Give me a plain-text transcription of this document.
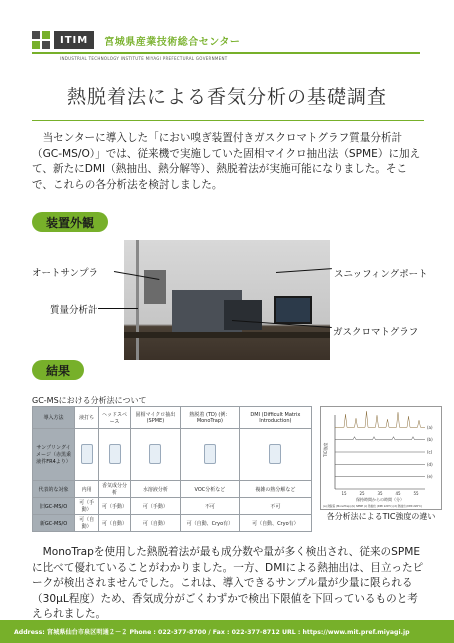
ITIM	宮城県産業技術総合センター
INDUSTRIAL TECHNOLOGY INSTITUTE MIYAGI PREFECTURAL GOVERNMENT
熱脱着法による香気分析の基礎調査
当センターに導入した「におい嗅ぎ装置付きガスクロマトグラフ質量分析計（GC-MS/O）」では、従来機で実施していた固相マイクロ抽出法（SPME）に加えて、新たにDMI（熱抽出、熱分解等）、熱脱着法が実施可能になりました。そこで、これらの各分析法を検討しました。
装置外観
オートサンプラ
質量分析計
スニッフィングポート
ガスクロマトグラフ
結果
GC-MSにおける分析法について
導入方法	液打ち	ヘッドスペース	固相マイクロ抽出 (SPME)	熱脱着 (TD) (例：MonoTrap)	DMI (Difficult Matrix Introduction)
サンプリングイメージ（赤黒乗液件FR4より）					
代表的な対象	内用	香気成分分析	水溶液分析	VOC分析など	複雑の熱分解など
旧GC-MS/O	可（手動）	可（手動）	可（手動）	不可	不可
新GC-MS/O	可（自動）	可（自動）	可（自動）	可（自動、Cryo有）	可（自動、Cryo有）
TIC強度
(a)
(b)
(c)
(d)
(e)
15	25	35	45	55
保持時間からの時間（分）
(a) 熱脱着 (MonoTrap) (b) SPME (c) 熱抽出 (DMI 120℃) (d) 熱抽出 (DMI 220℃)
各分析法によるTIC強度の違い
MonoTrapを使用した熱脱着法が最も成分数や量が多く検出され、従来のSPMEに比べて優れていることがわかりました。一方、DMIによる熱抽出は、目立ったピークが検出されませんでした。これは、導入できるサンプル量が少量に限られる（30μL程度）ため、香気成分がごくわずかで検出下限値を下回っているものと考えられました。
Address: 宮城県仙台市泉区明通２－２ Phone : 022-377-8700 / Fax : 022-377-8712 URL : https://www.mit.pref.miyagi.jp
